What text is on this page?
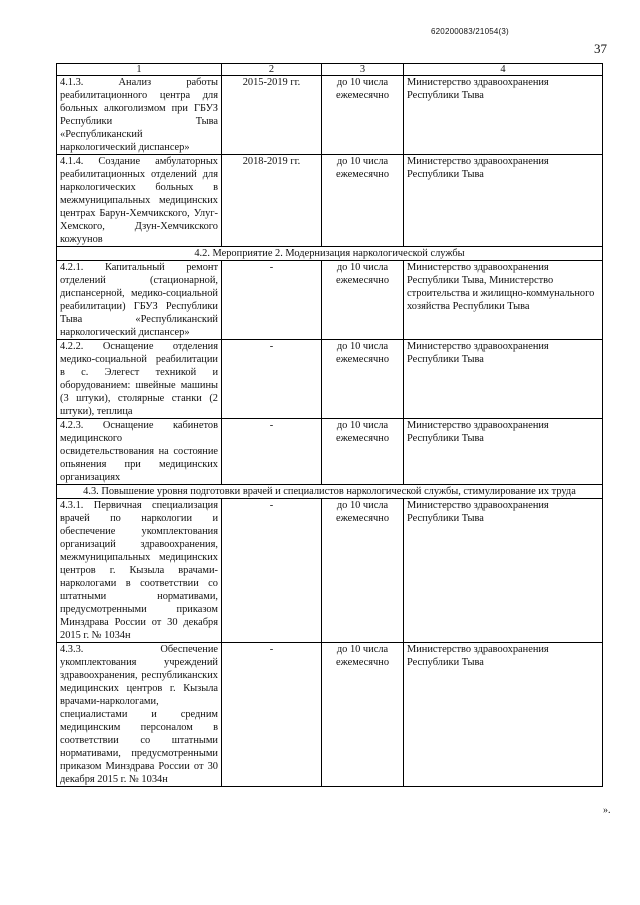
620200083/21054(3)
37
1	2	3	4
4.1.3. Анализ работы реабилитационного центра для больных алкоголизмом при ГБУЗ Республики Тыва «Республиканский наркологический диспансер»	2015-2019 гг.	до 10 числа ежемесячно	Министерство здравоохранения Республики Тыва
4.1.4. Создание амбулаторных реабилитационных отделений для наркологических больных в межмуниципальных медицинских центрах Барун-Хемчикского, Улуг-Хемского, Дзун-Хемчикского кожуунов	2018-2019 гг.	до 10 числа ежемесячно	Министерство здравоохранения Республики Тыва
4.2. Мероприятие 2. Модернизация наркологической службы			
4.2.1. Капитальный ремонт отделений (стационарной, диспансерной, медико-социальной реабилитации) ГБУЗ Республики Тыва «Республиканский наркологический диспансер»	-	до 10 числа ежемесячно	Министерство здравоохранения Республики Тыва, Министерство строительства и жилищно-коммунального хозяйства Республики Тыва
4.2.2. Оснащение отделения медико-социальной реабилитации в с. Элегест техникой и оборудованием: швейные машины (3 штуки), столярные станки (2 штуки), теплица	-	до 10 числа ежемесячно	Министерство здравоохранения Республики Тыва
4.2.3. Оснащение кабинетов медицинского освидетельствования на состояние опьянения при медицинских организациях	-	до 10 числа ежемесячно	Министерство здравоохранения Республики Тыва
4.3. Повышение уровня подготовки врачей и специалистов наркологической службы, стимулирование их труда			
4.3.1. Первичная специализация врачей по наркологии и обеспечение укомплектования организаций здравоохранения, межмуниципальных медицинских центров г. Кызыла врачами-наркологами в соответствии со штатными нормативами, предусмотренными приказом Минздрава России от 30 декабря 2015 г. № 1034н	-	до 10 числа ежемесячно	Министерство здравоохранения Республики Тыва
4.3.3. Обеспечение укомплектования учреждений здравоохранения, республиканских медицинских центров г. Кызыла врачами-наркологами, специалистами и средним медицинским персоналом в соответствии со штатными нормативами, предусмотренными приказом Минздрава России от 30 декабря 2015 г. № 1034н	-	до 10 числа ежемесячно	Министерство здравоохранения Республики Тыва
».
